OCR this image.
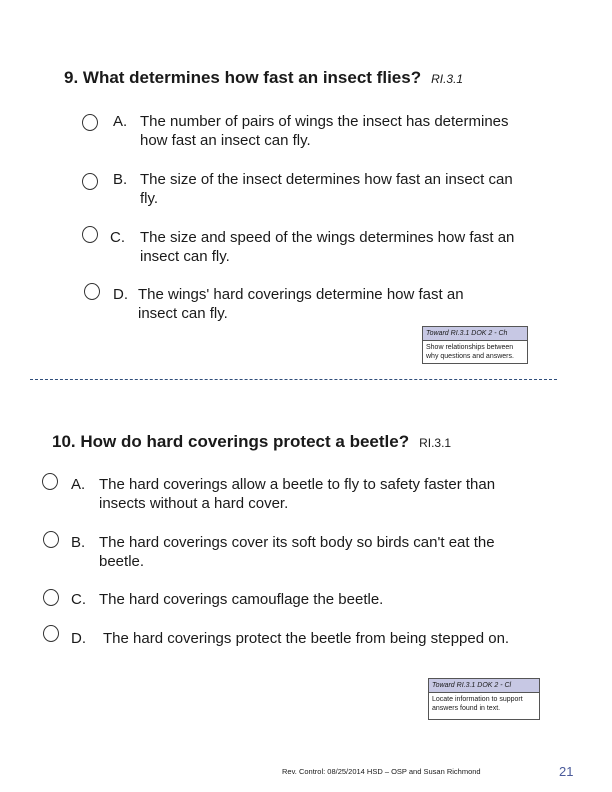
9. What determines how fast an insect flies? RI.3.1
A. The number of pairs of wings the insect has determines how fast an insect can fly.
B. The size of the insect determines how fast an insect can fly.
C. The size and speed of the wings determines how fast an insect can fly.
D. The wings' hard coverings determine how fast an insect can fly.
Toward RI.3.1 DOK 2 - Ch
Show relationships between why questions and answers.
10. How do hard coverings protect a beetle? RI.3.1
A. The hard coverings allow a beetle to fly to safety faster than insects without a hard cover.
B. The hard coverings cover its soft body so birds can't eat the beetle.
C. The hard coverings camouflage the beetle.
D. The hard coverings protect the beetle from being stepped on.
Toward RI.3.1 DOK 2 - Cl
Locate information to support answers found in text.
Rev. Control: 08/25/2014 HSD – OSP and Susan Richmond	21
